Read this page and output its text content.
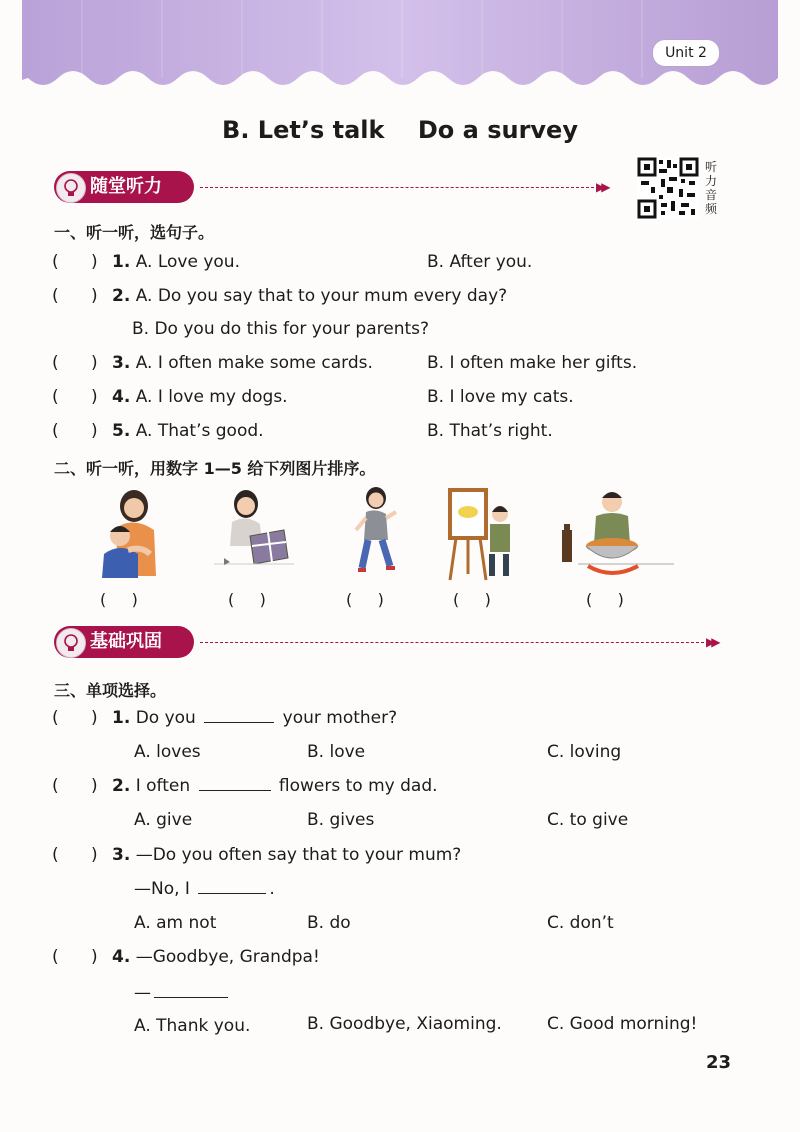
Unit 2
B. Let’s talk    Do a survey
随堂听力	▶▶
听力音频
一、听一听，选句子。
(      ) 1. A. Love you.	B. After you.
(      ) 2. A. Do you say that to your mum every day?
B. Do you do this for your parents?
(      ) 3. A. I often make some cards.	B. I often make her gifts.
(      ) 4. A. I love my dogs.	B. I love my cats.
(      ) 5. A. That’s good.	B. That’s right.
二、听一听，用数字 1—5 给下列图片排序。
(     )	(     )	(     )	(     )	(     )
基础巩固	▶▶
三、单项选择。
(      ) 1. Do you	your mother?
A. loves	B. love	C. loving
(      ) 2. I often	flowers to my dad.
A. give	B. gives	C. to give
(      ) 3. —Do you often say that to your mum?
—No, I	.
A. am not	B. do	C. don’t
(      ) 4. —Goodbye, Grandpa!
—
A. Thank you.	B. Goodbye, Xiaoming.	C. Good morning!
23
